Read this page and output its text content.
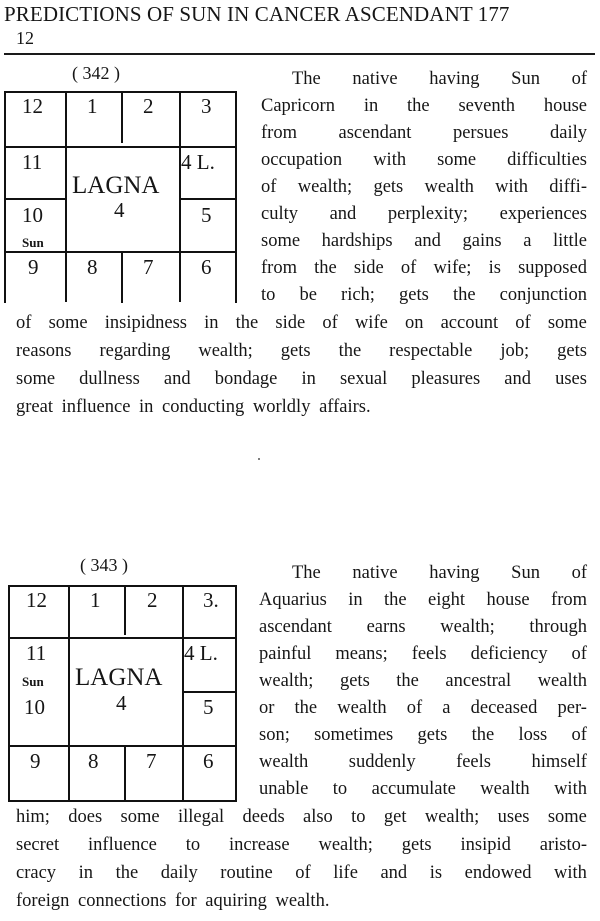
PREDICTIONS OF SUN IN CANCER ASCENDANT 177
12
( 342 )
12 1 2 3
11	4 L.
10
Sun
5
9 8 7 6
LAGNA
4
The native having Sun of
Capricorn in the seventh house
from ascendant persues daily
occupation with some difficulties
of wealth; gets wealth with diffi-
culty and perplexity; experiences
some hardships and gains a little
from the side of wife; is supposed
to be rich; gets the conjunction
of some insipidness in the side of wife on account of some
reasons regarding wealth; gets the respectable job; gets
some dullness and bondage in sexual pleasures and uses
great influence in conducting worldly affairs.
( 343 )
12 1 2 3.
11
Sun
4 L.
10	5
9 8 7 6
LAGNA
4
The native having Sun of
Aquarius in the eight house from
ascendant earns wealth; through
painful means; feels deficiency of
wealth; gets the ancestral wealth
or the wealth of a deceased per-
son; sometimes gets the loss of
wealth suddenly feels himself
unable to accumulate wealth with
him; does some illegal deeds also to get wealth; uses some
secret influence to increase wealth; gets insipid aristo-
cracy in the daily routine of life and is endowed with
foreign connections for aquiring wealth.
